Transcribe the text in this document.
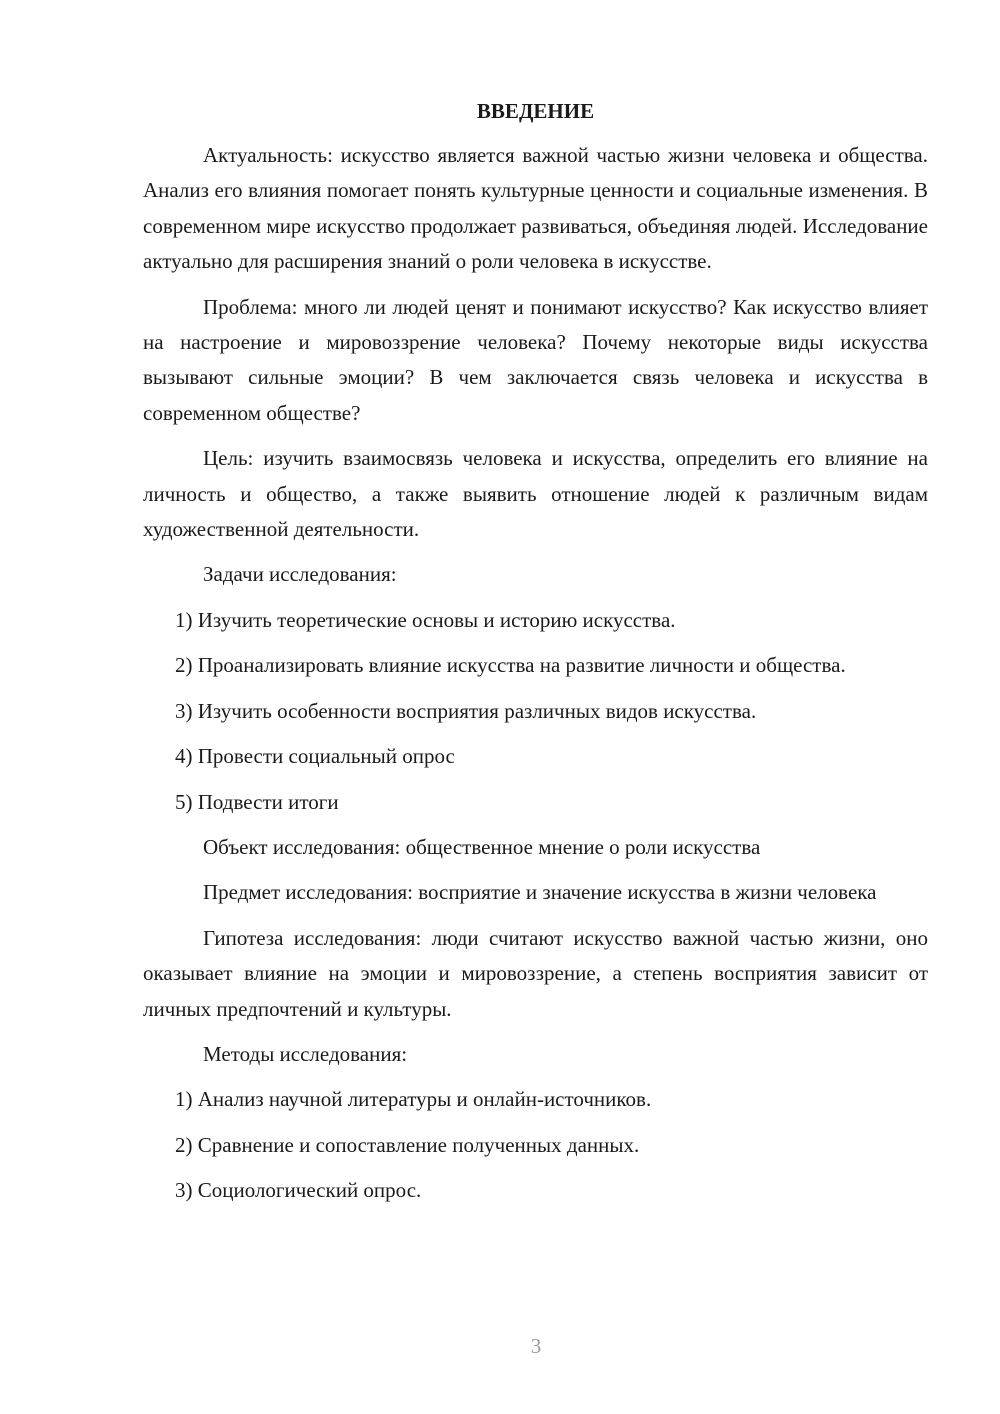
ВВЕДЕНИЕ

Актуальность: искусство является важной частью жизни человека и общества. Анализ его влияния помогает понять культурные ценности и социальные изменения. В современном мире искусство продолжает развиваться, объединяя людей. Исследование актуально для расширения знаний о роли человека в искусстве.

Проблема: много ли людей ценят и понимают искусство? Как искусство влияет на настроение и мировоззрение человека? Почему некоторые виды искусства вызывают сильные эмоции? В чем заключается связь человека и искусства в современном обществе?

Цель: изучить взаимосвязь человека и искусства, определить его влияние на личность и общество, а также выявить отношение людей к различным видам художественной деятельности.

Задачи исследования:

1) Изучить теоретические основы и историю искусства.

2) Проанализировать влияние искусства на развитие личности и общества.

3) Изучить особенности восприятия различных видов искусства.

4) Провести социальный опрос

5) Подвести итоги

Объект исследования: общественное мнение о роли искусства

Предмет исследования: восприятие и значение искусства в жизни человека

Гипотеза исследования: люди считают искусство важной частью жизни, оно оказывает влияние на эмоции и мировоззрение, а степень восприятия зависит от личных предпочтений и культуры.

Методы исследования:

1) Анализ научной литературы и онлайн-источников.

2) Сравнение и сопоставление полученных данных.

3) Социологический опрос.

3
